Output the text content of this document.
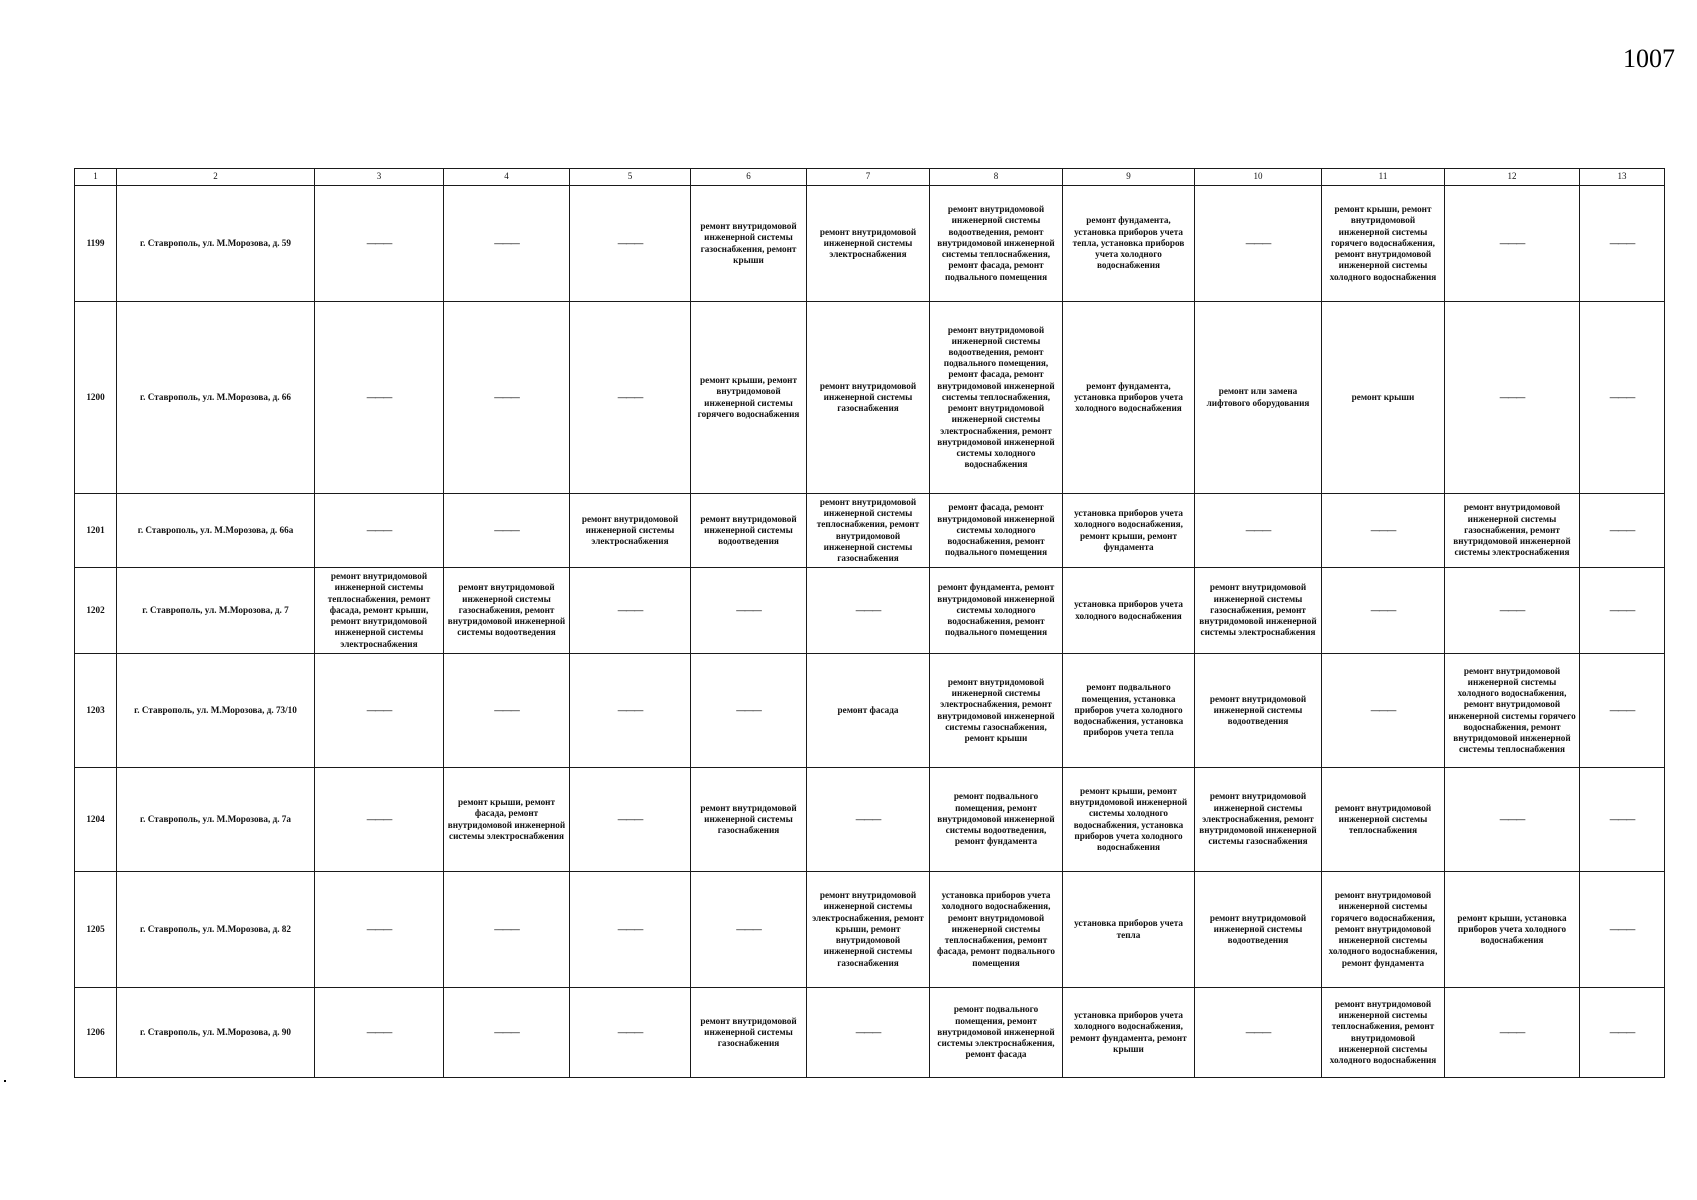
1007
1	2	3	4	5	6	7	8	9	10	11	12	13
1199	г. Ставрополь, ул. М.Морозова, д. 59	———	———	———	ремонт внутридомовой инженерной системы газоснабжения, ремонт крыши	ремонт внутридомовой инженерной системы электроснабжения	ремонт внутридомовой инженерной системы водоотведения, ремонт внутридомовой инженерной системы теплоснабжения, ремонт фасада, ремонт подвального помещения	ремонт фундамента, установка приборов учета тепла, установка приборов учета холодного водоснабжения	———	ремонт крыши, ремонт внутридомовой инженерной системы горячего водоснабжения, ремонт внутридомовой инженерной системы холодного водоснабжения	———	———
1200	г. Ставрополь, ул. М.Морозова, д. 66	———	———	———	ремонт крыши, ремонт внутридомовой инженерной системы горячего водоснабжения	ремонт внутридомовой инженерной системы газоснабжения	ремонт внутридомовой инженерной системы водоотведения, ремонт подвального помещения, ремонт фасада, ремонт внутридомовой инженерной системы теплоснабжения, ремонт внутридомовой инженерной системы электроснабжения, ремонт внутридомовой инженерной системы холодного водоснабжения	ремонт фундамента, установка приборов учета холодного водоснабжения	ремонт или замена лифтового оборудования	ремонт крыши	———	———
1201	г. Ставрополь, ул. М.Морозова, д. 66а	———	———	ремонт внутридомовой инженерной системы электроснабжения	ремонт внутридомовой инженерной системы водоотведения	ремонт внутридомовой инженерной системы теплоснабжения, ремонт внутридомовой инженерной системы газоснабжения	ремонт фасада, ремонт внутридомовой инженерной системы холодного водоснабжения, ремонт подвального помещения	установка приборов учета холодного водоснабжения, ремонт крыши, ремонт фундамента	———	———	ремонт внутридомовой инженерной системы газоснабжения, ремонт внутридомовой инженерной системы электроснабжения	———
1202	г. Ставрополь, ул. М.Морозова, д. 7	ремонт внутридомовой инженерной системы теплоснабжения, ремонт фасада, ремонт крыши, ремонт внутридомовой инженерной системы электроснабжения	ремонт внутридомовой инженерной системы газоснабжения, ремонт внутридомовой инженерной системы водоотведения	———	———	———	ремонт фундамента, ремонт внутридомовой инженерной системы холодного водоснабжения, ремонт подвального помещения	установка приборов учета холодного водоснабжения	ремонт внутридомовой инженерной системы газоснабжения, ремонт внутридомовой инженерной системы электроснабжения	———	———	———
1203	г. Ставрополь, ул. М.Морозова, д. 73/10	———	———	———	———	ремонт фасада	ремонт внутридомовой инженерной системы электроснабжения, ремонт внутридомовой инженерной системы газоснабжения, ремонт крыши	ремонт подвального помещения, установка приборов учета холодного водоснабжения, установка приборов учета тепла	ремонт внутридомовой инженерной системы водоотведения	———	ремонт внутридомовой инженерной системы холодного водоснабжения, ремонт внутридомовой инженерной системы горячего водоснабжения, ремонт внутридомовой инженерной системы теплоснабжения	———
1204	г. Ставрополь, ул. М.Морозова, д. 7а	———	ремонт крыши, ремонт фасада, ремонт внутридомовой инженерной системы электроснабжения	———	ремонт внутридомовой инженерной системы газоснабжения	———	ремонт подвального помещения, ремонт внутридомовой инженерной системы водоотведения, ремонт фундамента	ремонт крыши, ремонт внутридомовой инженерной системы холодного водоснабжения, установка приборов учета холодного водоснабжения	ремонт внутридомовой инженерной системы электроснабжения, ремонт внутридомовой инженерной системы газоснабжения	ремонт внутридомовой инженерной системы теплоснабжения	———	———
1205	г. Ставрополь, ул. М.Морозова, д. 82	———	———	———	———	ремонт внутридомовой инженерной системы электроснабжения, ремонт крыши, ремонт внутридомовой инженерной системы газоснабжения	установка приборов учета холодного водоснабжения, ремонт внутридомовой инженерной системы теплоснабжения, ремонт фасада, ремонт подвального помещения	установка приборов учета тепла	ремонт внутридомовой инженерной системы водоотведения	ремонт внутридомовой инженерной системы горячего водоснабжения, ремонт внутридомовой инженерной системы холодного водоснабжения, ремонт фундамента	ремонт крыши, установка приборов учета холодного водоснабжения	———
1206	г. Ставрополь, ул. М.Морозова, д. 90	———	———	———	ремонт внутридомовой инженерной системы газоснабжения	———	ремонт подвального помещения, ремонт внутридомовой инженерной системы электроснабжения, ремонт фасада	установка приборов учета холодного водоснабжения, ремонт фундамента, ремонт крыши	———	ремонт внутридомовой инженерной системы теплоснабжения, ремонт внутридомовой инженерной системы холодного водоснабжения	———	———
